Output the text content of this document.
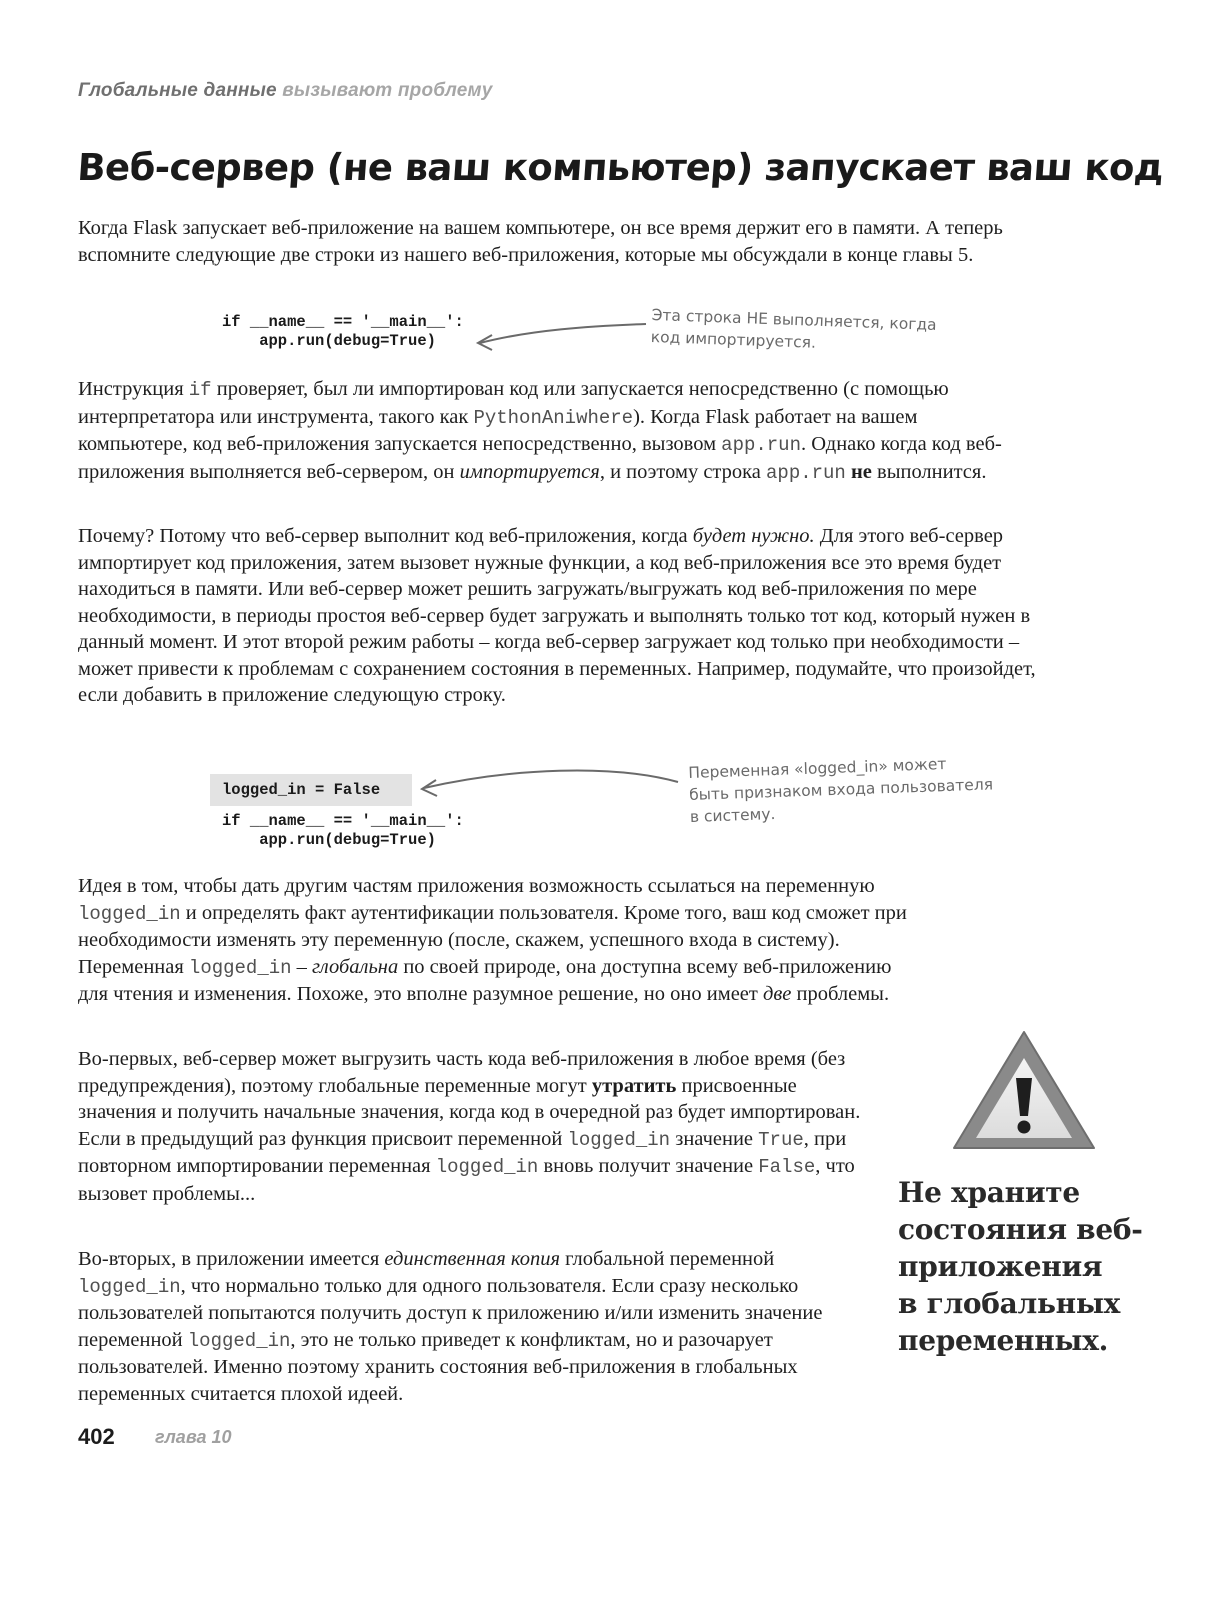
Глобальные данные вызывают проблему
Веб-сервер (не ваш компьютер) запускает ваш код

Когда Flask запускает веб-приложение на вашем компьютере, он все время держит его в памяти. А теперь вспомните следующие две строки из нашего веб-приложения, которые мы обсуждали в конце главы 5.

if __name__ == '__main__':
app.run(debug=True)
Эта строка НЕ выполняется, когда
код импортируется.

Инструкция if проверяет, был ли импортирован код или запускается непосредственно (с помощью интерпретатора или инструмента, такого как PythonAniwhere). Когда Flask работает на вашем компьютере, код веб-приложения запускается непосредственно, вызовом app.run. Однако когда код веб-приложения выполняется веб-сервером, он импортируется, и поэтому строка app.run не выполнится.

Почему? Потому что веб-сервер выполнит код веб-приложения, когда будет нужно. Для этого веб-сервер импортирует код приложения, затем вызовет нужные функции, а код веб-приложения все это время будет находиться в памяти. Или веб-сервер может решить загружать/выгружать код веб-приложения по мере необходимости, в периоды простоя веб-сервер будет загружать и выполнять только тот код, который нужен в данный момент. И этот второй режим работы – когда веб-сервер загружает код только при необходимости – может привести к проблемам с сохранением состояния в переменных. Например, подумайте, что произойдет, если добавить в приложение следующую строку.

logged_in = False
if __name__ == '__main__':
app.run(debug=True)
Переменная «logged_in» может
быть признаком входа пользователя
в систему.

Идея в том, чтобы дать другим частям приложения возможность ссылаться на переменную logged_in и определять факт аутентификации пользователя. Кроме того, ваш код сможет при необходимости изменять эту переменную (после, скажем, успешного входа в систему). Переменная logged_in – глобальна по своей природе, она доступна всему веб-приложению для чтения и изменения. Похоже, это вполне разумное решение, но оно имеет две проблемы.

Во-первых, веб-сервер может выгрузить часть кода веб-приложения в любое время (без предупреждения), поэтому глобальные переменные могут утратить присвоенные значения и получить начальные значения, когда код в очередной раз будет импортирован. Если в предыдущий раз функция присвоит переменной logged_in значение True, при повторном импортировании переменная logged_in вновь получит значение False, что вызовет проблемы...

Во-вторых, в приложении имеется единственная копия глобальной переменной logged_in, что нормально только для одного пользователя. Если сразу несколько пользователей попытаются получить доступ к приложению и/или изменить значение переменной logged_in, это не только приведет к конфликтам, но и разочарует пользователей. Именно поэтому хранить состояния веб-приложения в глобальных переменных считается плохой идеей.

Не храните
состояния веб-
приложения
в глобальных
переменных.
402 глава 10
